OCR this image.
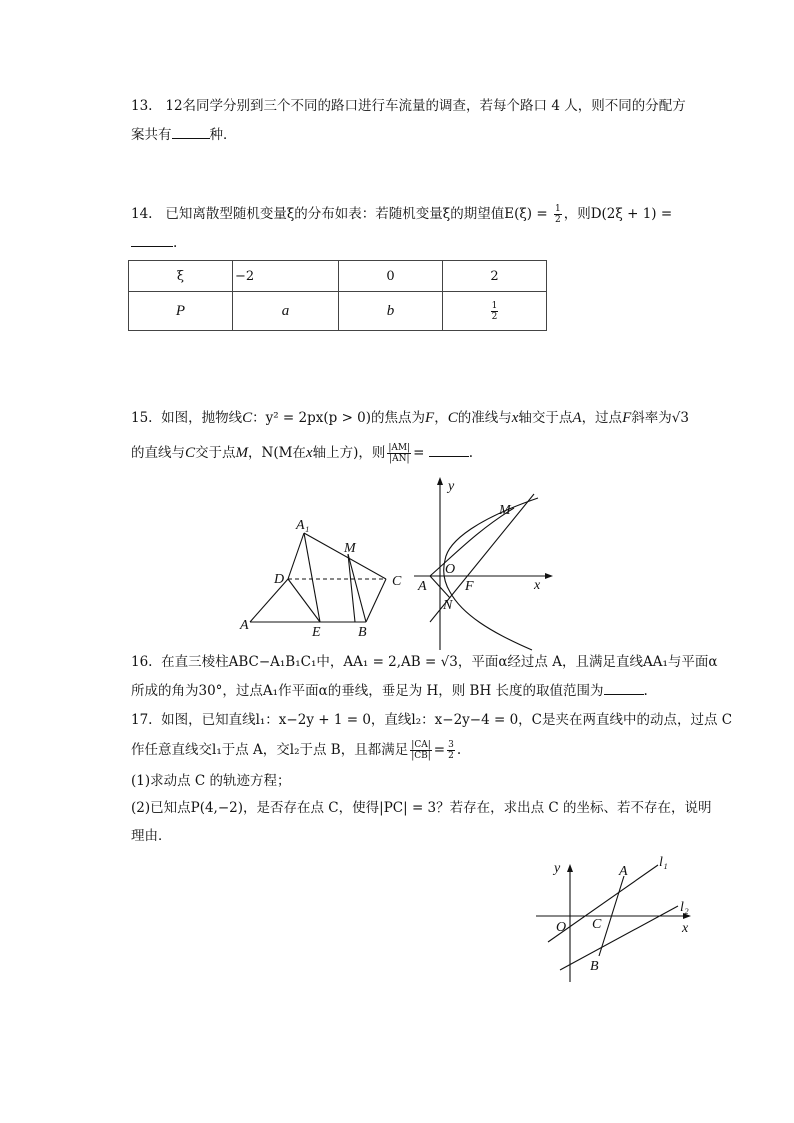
13. 12名同学分别到三个不同的路口进行车流量的调查，若每个路口 4 人，则不同的分配方
案共有	种．
14. 已知离散型随机变量ξ的分布如表：若随机变量ξ的期望值$E(\xi) = \frac{1}{2}$ ，则D(2ξ + 1) =
.
ξ	−2	0	2
P	a	b	$\frac{1}{2}$
15. 如图，抛物线C：y² = 2px(p > 0)的焦点为F，C的准线与x轴交于点A，过点F斜率为√3
的直线与C交于点M，N(M在x轴上方)，则 $\frac{|AM|}{|AN|}$ =	.
A₁
M
D	C
A	E	B
y
M
O
A	F	x
N
16. 在直三棱柱ABC−A₁B₁C₁中，AA₁ = 2,AB = √3，平面α经过点 A，且满足直线AA₁与平面α
所成的角为30°，过点A₁作平面α的垂线，垂足为 H，则 BH 长度的取值范围为	.
17. 如图，已知直线l₁：x−2y + 1 = 0，直线l₂：x−2y−4 = 0，C是夹在两直线中的动点，过点 C
作任意直线交l₁于点 A，交l₂于点 B，且都满足 $\frac{|CA|}{|CB|} = \frac{3}{2}$ .
(1)求动点 C 的轨迹方程；
(2)已知点P(4,−2)，是否存在点 C，使得|PC| = 3？若存在，求出点 C 的坐标、若不存在，说明
理由．
y	A
l₁
l₂
O C	x
B
